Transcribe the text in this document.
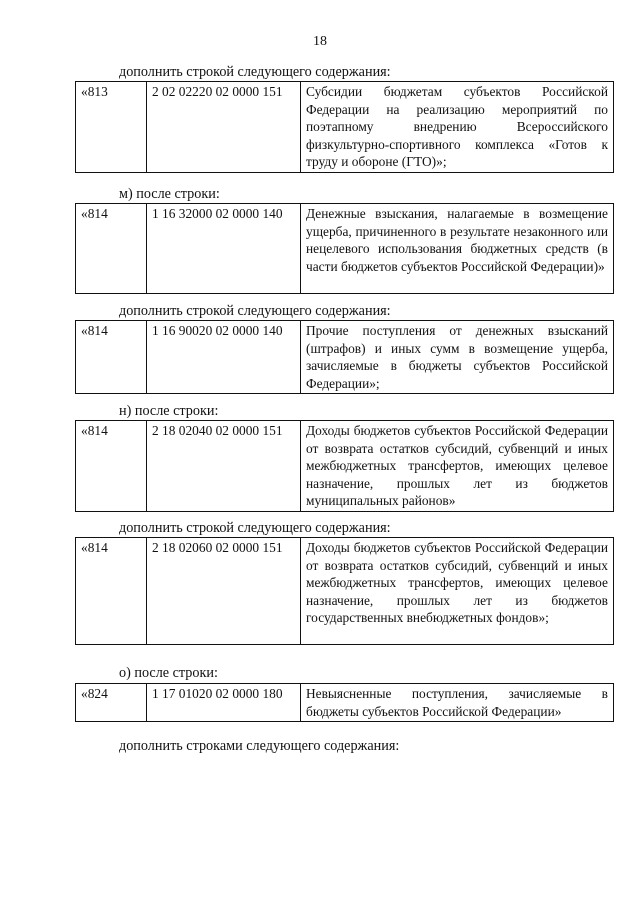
18
дополнить строкой следующего содержания:
«813	2 02 02220 02 0000 151	Субсидии бюджетам субъектов Российской Федерации на реализацию мероприятий по поэтапному внедрению Всероссийского физкультурно-спортивного комплекса «Готов к труду и обороне (ГТО)»;
м) после строки:
«814	1 16 32000 02 0000 140	Денежные взыскания, налагаемые в возмещение ущерба, причиненного в результате незаконного или нецелевого использования бюджетных средств (в части бюджетов субъектов Российской Федерации)»
дополнить строкой следующего содержания:
«814	1 16 90020 02 0000 140	Прочие поступления от денежных взысканий (штрафов) и иных сумм в возмещение ущерба, зачисляемые в бюджеты субъектов Российской Федерации»;
н) после строки:
«814	2 18 02040 02 0000 151	Доходы бюджетов субъектов Российской Федерации от возврата остатков субсидий, субвенций и иных межбюджетных трансфертов, имеющих целевое назначение, прошлых лет из бюджетов муниципальных районов»
дополнить строкой следующего содержания:
«814	2 18 02060 02 0000 151	Доходы бюджетов субъектов Российской Федерации от возврата остатков субсидий, субвенций и иных межбюджетных трансфертов, имеющих целевое назначение, прошлых лет из бюджетов государственных внебюджетных фондов»;
о) после строки:
«824	1 17 01020 02 0000 180	Невыясненные поступления, зачисляемые в бюджеты субъектов Российской Федерации»
дополнить строками следующего содержания:
